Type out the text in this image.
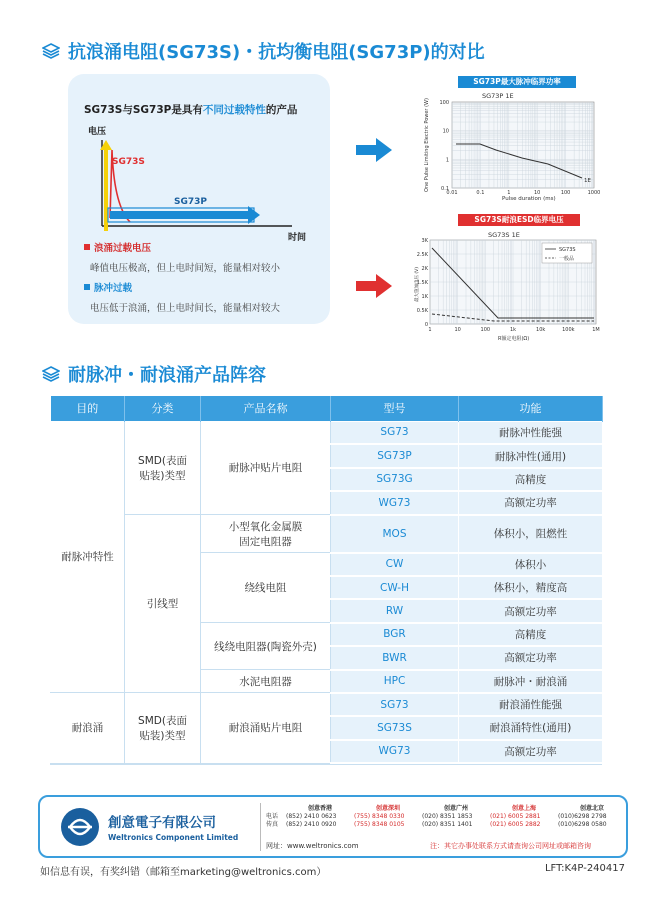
抗浪涌电阻(SG73S)・抗均衡电阻(SG73P)的对比
SG73S与SG73P是具有不同过载特性的产品
电压
时间
SG73S
SG73P
浪涌过载电压
峰值电压极高，但上电时间短，能量相对较小
脉冲过载
电压低于浪涌，但上电时间长，能量相对较大
SG73P最大脉冲临界功率
SG73P 1E
1E
One Pulse Limiting Electric Power (W) 100
10
1
0.1
0.01	0.1	1	10	100	1000
Pulse duration (ms)
SG73S耐浪ESD临界电压
SG73S 1E
SG73S
一般品
最大施加电压 (V)
3K
2.5K
2K
1.5K
1K
0.5K
0
1	10	100	1k	10k	100k	1M
R额定电阻(Ω)
耐脉冲・耐浪涌产品阵容
目的	分类	产品名称	型号	功能
耐脉冲特性	SMD(表面
贴装)类型	耐脉冲贴片电阻	SG73	耐脉冲性能强
			SG73P	耐脉冲性(通用)
			SG73G	高精度
			WG73	高额定功率
	引线型	小型氧化金属膜
固定电阻器	MOS	体积小，阻燃性
		绕线电阻	CW	体积小
			CW-H	体积小，精度高
			RW	高额定功率
		线绕电阻器(陶瓷外壳)	BGR	高精度
			BWR	高额定功率
		水泥电阻器	HPC	耐脉冲・耐浪涌
耐浪涌	SMD(表面
贴装)类型	耐浪涌贴片电阻	SG73	耐浪涌性能强
			SG73S	耐浪涌特性(通用)
			WG73	高额定功率
創意電子有限公司
Weltronics Component Limited
创意香港	创意深圳	创意广州	创意上海	创意北京
电话	(852) 2410 0623	(755) 8348 0330	(020) 8351 1853	(021) 6005 2881	(010)6298 2798
传真	(852) 2410 0920	(755) 8348 0105	(020) 8351 1401	(021) 6005 2882	(010)6298 0580
网址：www.weltronics.com	注：其它办事处联系方式请查询公司网址或邮箱咨询
如信息有误，有奖纠错（邮箱至marketing@weltronics.com）	LFT:K4P-240417
